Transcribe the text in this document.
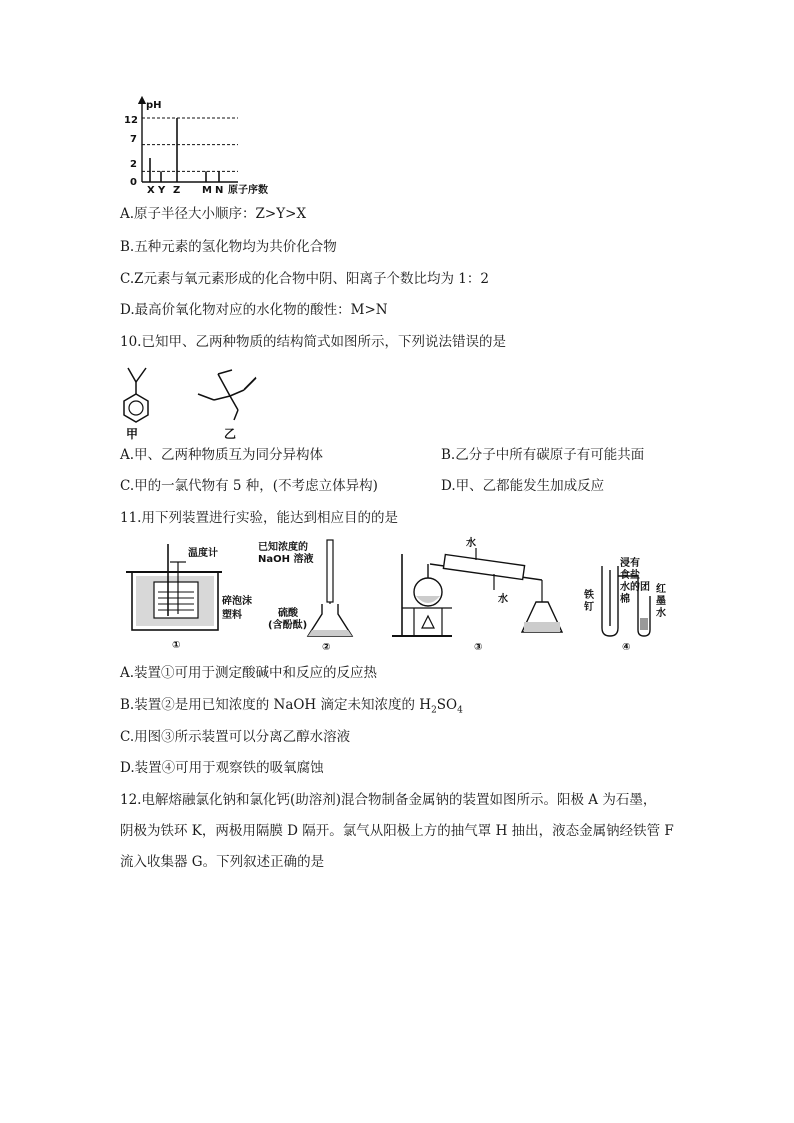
pH
原子序数
0
2
7
12
X Y Z M N
A.原子半径大小顺序：Z>Y>X
B.五种元素的氢化物均为共价化合物
C.Z元素与氧元素形成的化合物中阴、阳离子个数比均为 1：2
D.最高价氧化物对应的水化物的酸性：M>N
10.已知甲、乙两种物质的结构简式如图所示，下列说法错误的是
甲	乙
A.甲、乙两种物质互为同分异构体	B.乙分子中所有碳原子有可能共面
C.甲的一氯代物有 5 种，(不考虑立体异构)	D.甲、乙都能发生加成反应
11.用下列装置进行实验，能达到相应目的的是
温度计
碎泡沫
塑料
①
已知浓度的
NaOH 溶液
硫酸
(含酚酞)
②
水
水
③
铁
钉
浸有
食盐
水的团
棉
红
墨
水
④
A.装置①可用于测定酸碱中和反应的反应热
B.装置②是用已知浓度的 NaOH 滴定未知浓度的 $H_2SO_4$
C.用图③所示装置可以分离乙醇水溶液
D.装置④可用于观察铁的吸氧腐蚀
12.电解熔融氯化钠和氯化钙(助溶剂)混合物制备金属钠的装置如图所示。阳极 A 为石墨，
阴极为铁环 K，两极用隔膜 D 隔开。氯气从阳极上方的抽气罩 H 抽出，液态金属钠经铁管 F
流入收集器 G。下列叙述正确的是
